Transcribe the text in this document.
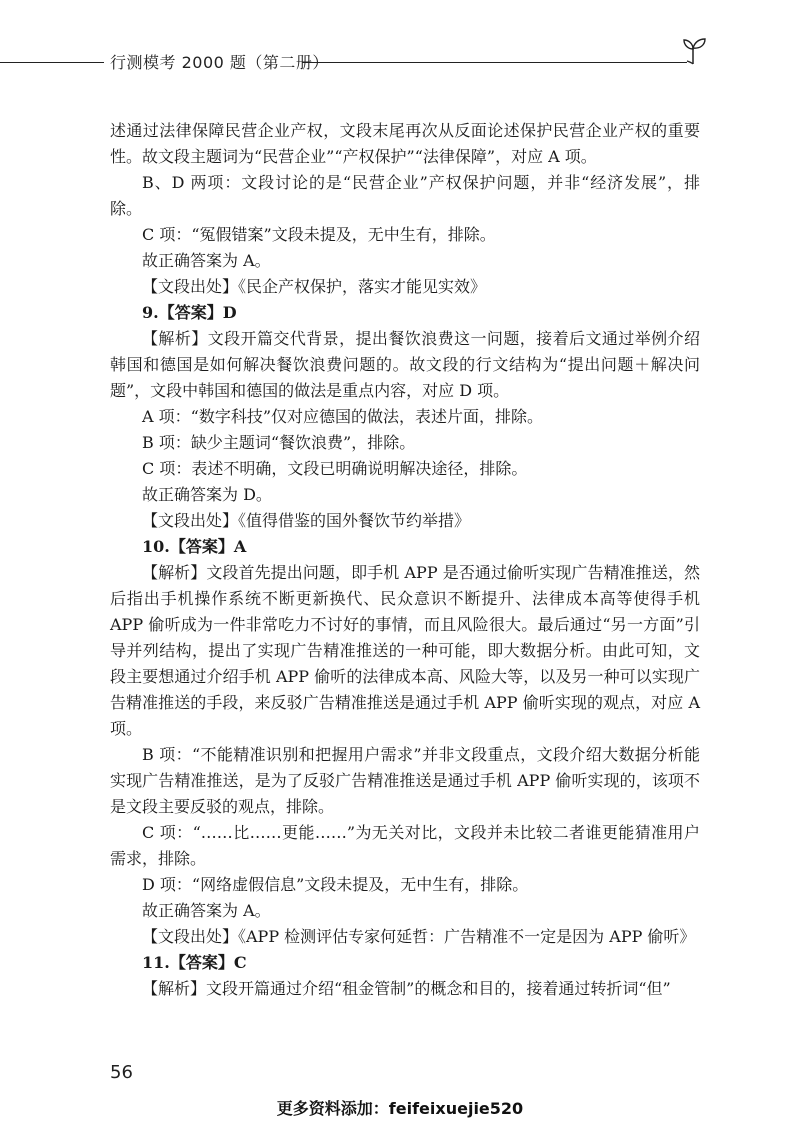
行测模考 2000 题（第二册）

述通过法律保障民营企业产权，文段末尾再次从反面论述保护民营企业产权的重要性。故文段主题词为“民营企业”“产权保护”“法律保障”，对应 A 项。

B、D 两项：文段讨论的是“民营企业”产权保护问题，并非“经济发展”，排除。

C 项：“冤假错案”文段未提及，无中生有，排除。

故正确答案为 A。

【文段出处】《民企产权保护，落实才能见实效》

9.【答案】D

【解析】文段开篇交代背景，提出餐饮浪费这一问题，接着后文通过举例介绍韩国和德国是如何解决餐饮浪费问题的。故文段的行文结构为“提出问题＋解决问题”，文段中韩国和德国的做法是重点内容，对应 D 项。

A 项：“数字科技”仅对应德国的做法，表述片面，排除。

B 项：缺少主题词“餐饮浪费”，排除。

C 项：表述不明确，文段已明确说明解决途径，排除。

故正确答案为 D。

【文段出处】《值得借鉴的国外餐饮节约举措》

10.【答案】A

【解析】文段首先提出问题，即手机 APP 是否通过偷听实现广告精准推送，然后指出手机操作系统不断更新换代、民众意识不断提升、法律成本高等使得手机 APP 偷听成为一件非常吃力不讨好的事情，而且风险很大。最后通过“另一方面”引导并列结构，提出了实现广告精准推送的一种可能，即大数据分析。由此可知，文段主要想通过介绍手机 APP 偷听的法律成本高、风险大等，以及另一种可以实现广告精准推送的手段，来反驳广告精准推送是通过手机 APP 偷听实现的观点，对应 A 项。

B 项：“不能精准识别和把握用户需求”并非文段重点，文段介绍大数据分析能实现广告精准推送，是为了反驳广告精准推送是通过手机 APP 偷听实现的，该项不是文段主要反驳的观点，排除。

C 项：“……比……更能……”为无关对比，文段并未比较二者谁更能猜准用户需求，排除。

D 项：“网络虚假信息”文段未提及，无中生有，排除。

故正确答案为 A。

【文段出处】《APP 检测评估专家何延哲：广告精准不一定是因为 APP 偷听》

11.【答案】C

【解析】文段开篇通过介绍“租金管制”的概念和目的，接着通过转折词“但”

56
更多资料添加：feifeixuejie520
